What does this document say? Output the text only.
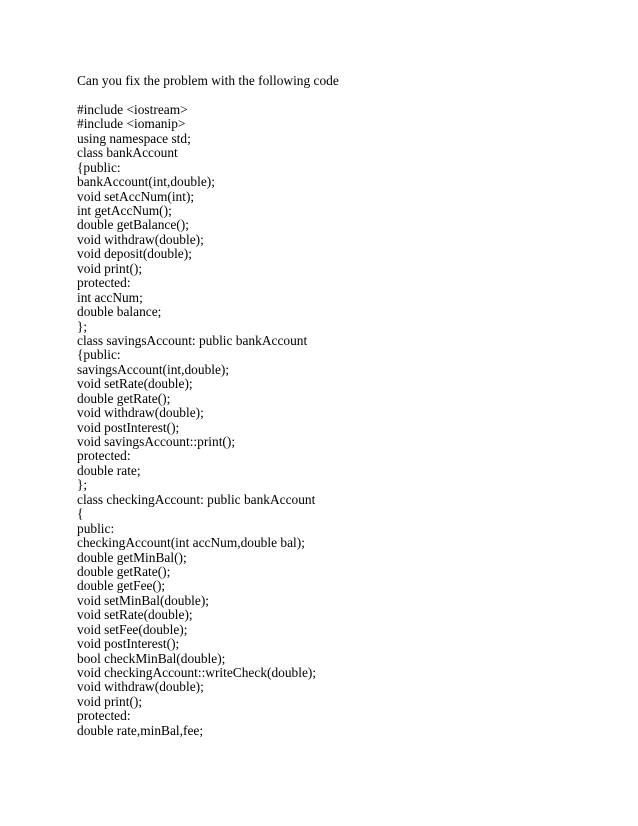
Can you fix the problem with the following code

#include <iostream>
#include <iomanip>
using namespace std;
class bankAccount
{public:
bankAccount(int,double);
void setAccNum(int);
int getAccNum();
double getBalance();
void withdraw(double);
void deposit(double);
void print();
protected:
int accNum;
double balance;
};
class savingsAccount: public bankAccount
{public:
savingsAccount(int,double);
void setRate(double);
double getRate();
void withdraw(double);
void postInterest();
void savingsAccount::print();
protected:
double rate;
};
class checkingAccount: public bankAccount
{
public:
checkingAccount(int accNum,double bal);
double getMinBal();
double getRate();
double getFee();
void setMinBal(double);
void setRate(double);
void setFee(double);
void postInterest();
bool checkMinBal(double);
void checkingAccount::writeCheck(double);
void withdraw(double);
void print();
protected:
double rate,minBal,fee;
